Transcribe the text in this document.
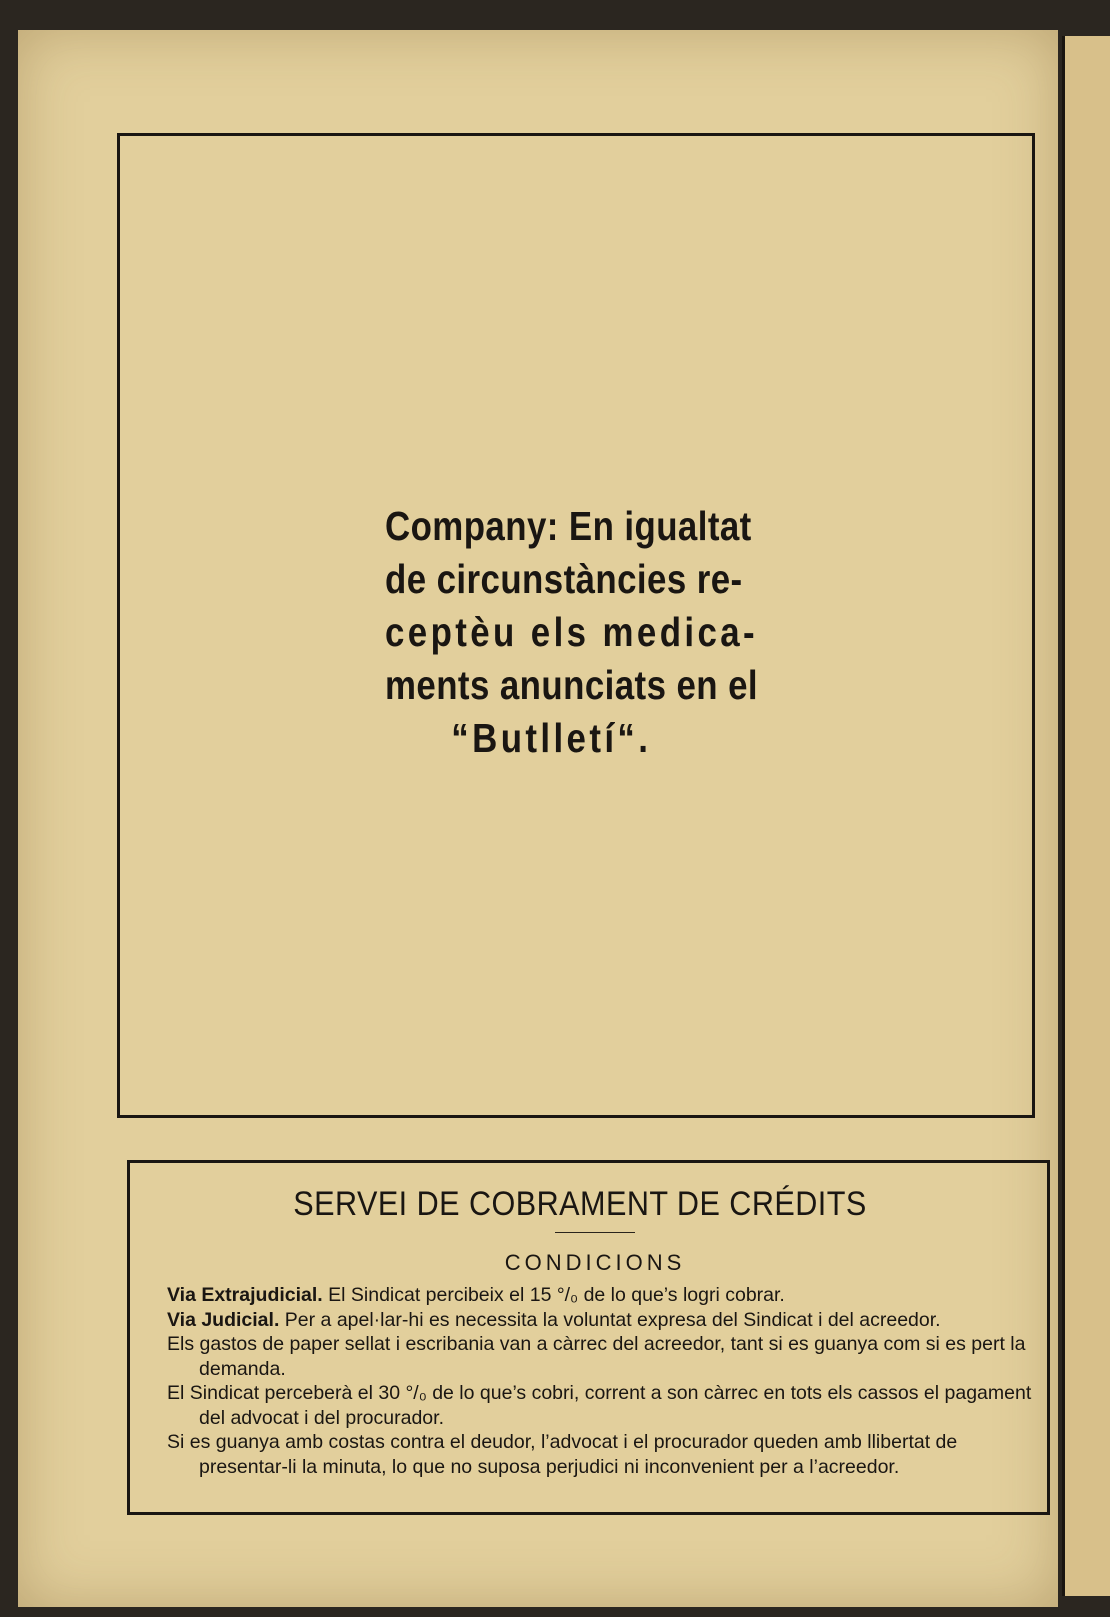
Company: En igualtat
de circunstàncies re-
ceptèu els medica-
ments anunciats en el
“Butlletí“.
SERVEI DE COBRAMENT DE CRÉDITS
CONDICIONS

Via Extrajudicial. El Sindicat percibeix el 15 °/₀ de lo que’s logri cobrar.

Via Judicial. Per a apel·lar-hi es necessita la voluntat expresa del Sindicat i del acreedor.

Els gastos de paper sellat i escribania van a càrrec del acreedor, tant si es guanya com si es pert la demanda.

El Sindicat perceberà el 30 °/₀ de lo que’s cobri, corrent a son càrrec en tots els cassos el pagament del advocat i del procurador.

Si es guanya amb costas contra el deudor, l’advocat i el procurador queden amb llibertat de presentar-li la minuta, lo que no suposa perjudici ni inconvenient per a l’acreedor.
